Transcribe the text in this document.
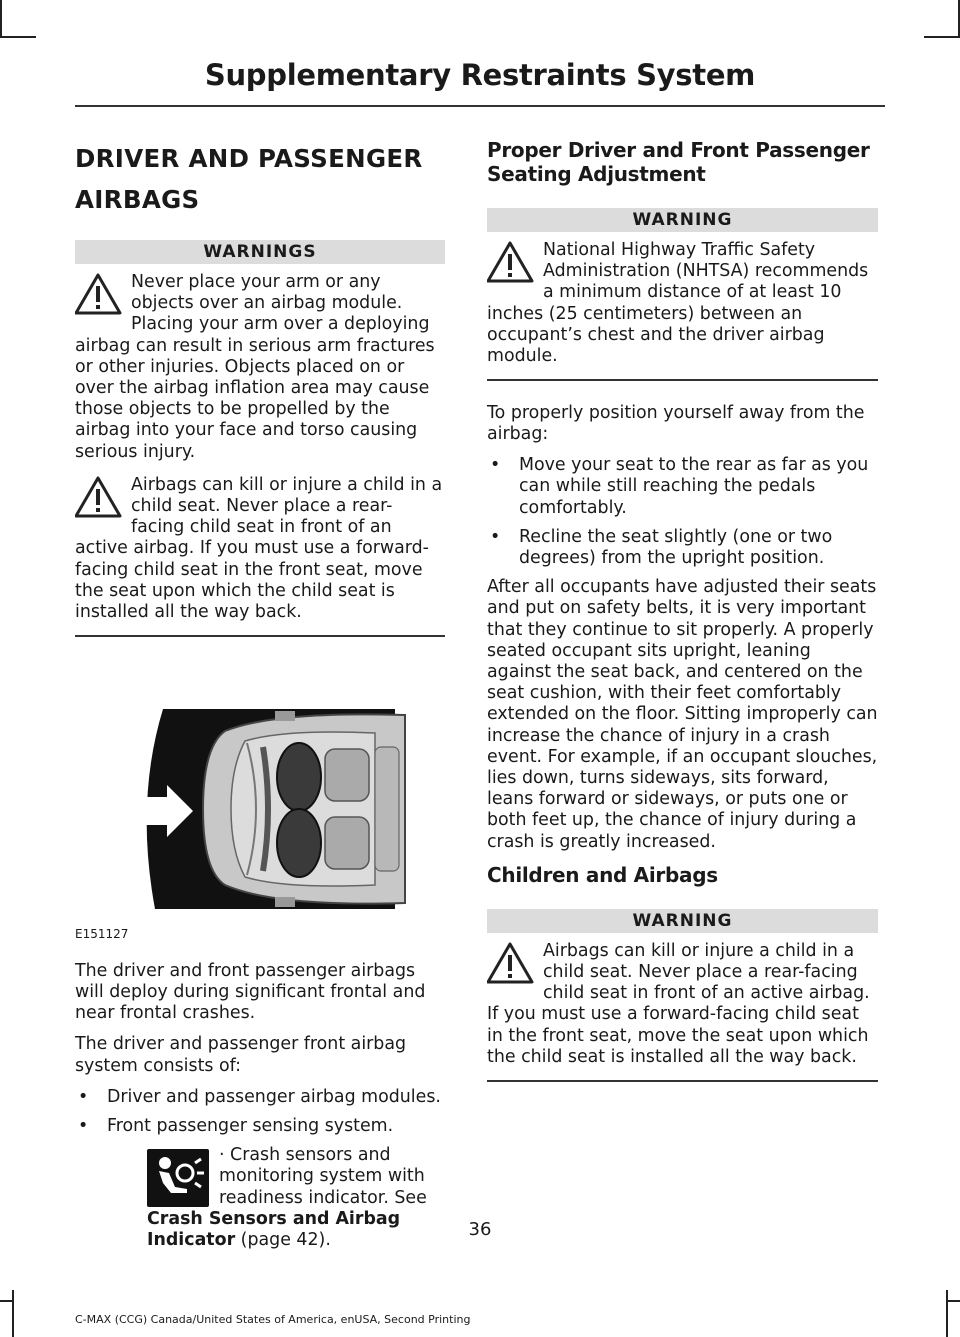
Supplementary Restraints System
DRIVER AND PASSENGER AIRBAGS
WARNINGS

Never place your arm or any objects over an airbag module. Placing your arm over a deploying airbag can result in serious arm fractures or other injuries. Objects placed on or over the airbag inflation area may cause those objects to be propelled by the airbag into your face and torso causing serious injury.

Airbags can kill or injure a child in a child seat. Never place a rear-facing child seat in front of an active airbag. If you must use a forward-facing child seat in the front seat, move the seat upon which the child seat is installed all the way back.

E151127

The driver and front passenger airbags will deploy during significant frontal and near frontal crashes.

The driver and passenger front airbag system consists of:

• Driver and passenger airbag modules.
• Front passenger sensing system.
· Crash sensors and monitoring system with readiness indicator. See Crash Sensors and Airbag Indicator (page 42).
Proper Driver and Front Passenger Seating Adjustment
WARNING

National Highway Traffic Safety Administration (NHTSA) recommends a minimum distance of at least 10 inches (25 centimeters) between an occupant’s chest and the driver airbag module.

To properly position yourself away from the airbag:

• Move your seat to the rear as far as you can while still reaching the pedals comfortably.
• Recline the seat slightly (one or two degrees) from the upright position.

After all occupants have adjusted their seats and put on safety belts, it is very important that they continue to sit properly. A properly seated occupant sits upright, leaning against the seat back, and centered on the seat cushion, with their feet comfortably extended on the floor. Sitting improperly can increase the chance of injury in a crash event. For example, if an occupant slouches, lies down, turns sideways, sits forward, leans forward or sideways, or puts one or both feet up, the chance of injury during a crash is greatly increased.

Children and Airbags
WARNING

Airbags can kill or injure a child in a child seat. Never place a rear-facing child seat in front of an active airbag. If you must use a forward-facing child seat in the front seat, move the seat upon which the child seat is installed all the way back.

36
C-MAX (CCG) Canada/United States of America, enUSA, Second Printing
